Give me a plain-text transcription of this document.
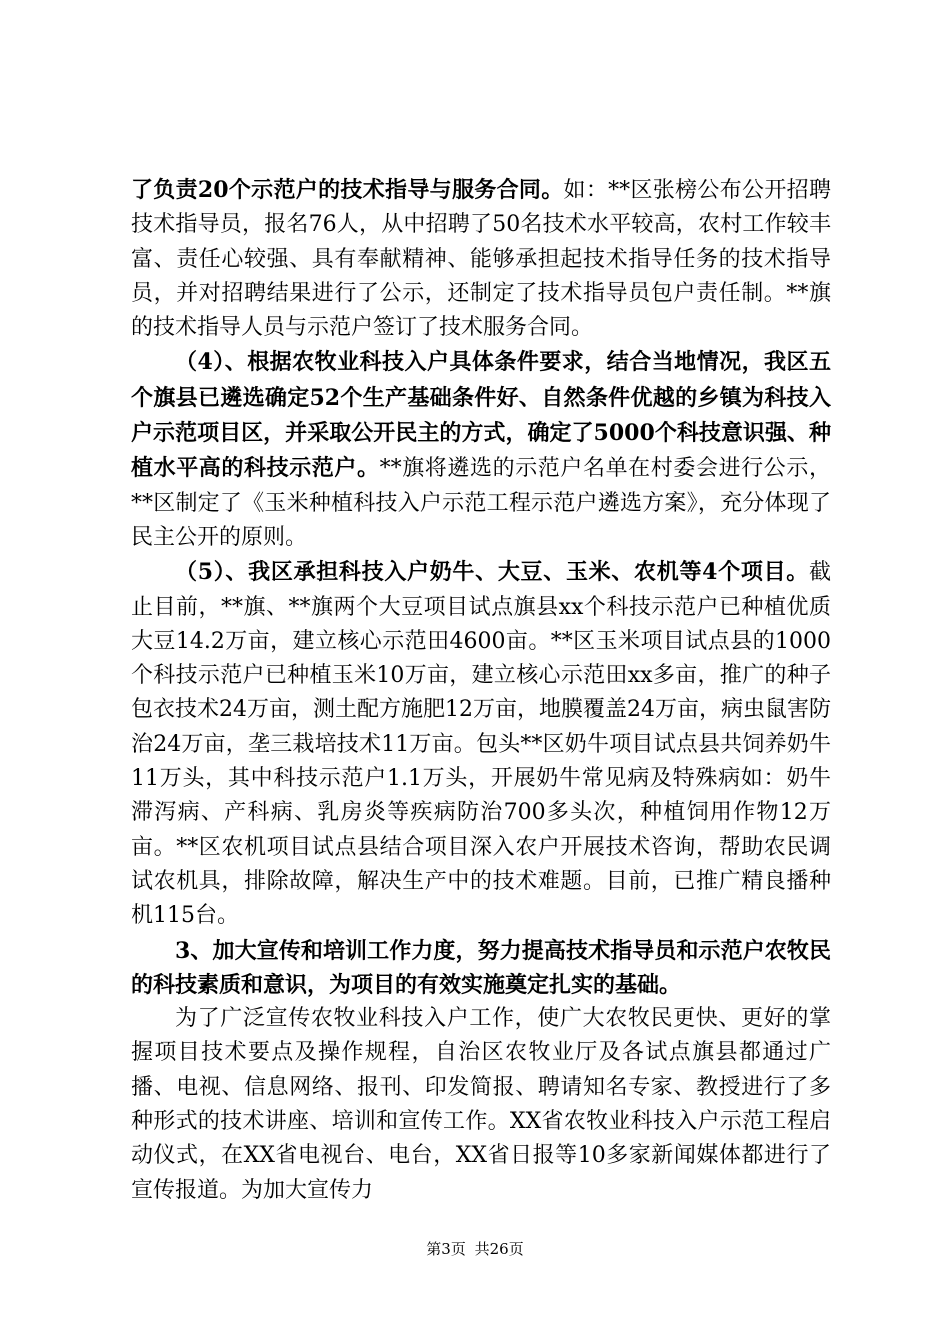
了负责20个示范户的技术指导与服务合同。如：**区张榜公布公开招聘技术指导员，报名76人，从中招聘了50名技术水平较高，农村工作较丰富、责任心较强、具有奉献精神、能够承担起技术指导任务的技术指导员，并对招聘结果进行了公示，还制定了技术指导员包户责任制。**旗的技术指导人员与示范户签订了技术服务合同。

（4）、根据农牧业科技入户具体条件要求，结合当地情况，我区五个旗县已遴选确定52个生产基础条件好、自然条件优越的乡镇为科技入户示范项目区，并采取公开民主的方式，确定了5000个科技意识强、种植水平高的科技示范户。**旗将遴选的示范户名单在村委会进行公示，**区制定了《玉米种植科技入户示范工程示范户遴选方案》，充分体现了民主公开的原则。

（5）、我区承担科技入户奶牛、大豆、玉米、农机等4个项目。截止目前，**旗、**旗两个大豆项目试点旗县xx个科技示范户已种植优质大豆14.2万亩，建立核心示范田4600亩。**区玉米项目试点县的1000个科技示范户已种植玉米10万亩，建立核心示范田xx多亩，推广的种子包衣技术24万亩，测土配方施肥12万亩，地膜覆盖24万亩，病虫鼠害防治24万亩，垄三栽培技术11万亩。包头**区奶牛项目试点县共饲养奶牛11万头，其中科技示范户1.1万头，开展奶牛常见病及特殊病如：奶牛滞泻病、产科病、乳房炎等疾病防治700多头次，种植饲用作物12万亩。**区农机项目试点县结合项目深入农户开展技术咨询，帮助农民调试农机具，排除故障，解决生产中的技术难题。目前，已推广精良播种机115台。

3、加大宣传和培训工作力度，努力提高技术指导员和示范户农牧民的科技素质和意识，为项目的有效实施奠定扎实的基础。

为了广泛宣传农牧业科技入户工作，使广大农牧民更快、更好的掌握项目技术要点及操作规程，自治区农牧业厅及各试点旗县都通过广播、电视、信息网络、报刊、印发简报、聘请知名专家、教授进行了多种形式的技术讲座、培训和宣传工作。XX省农牧业科技入户示范工程启动仪式，在XX省电视台、电台，XX省日报等10多家新闻媒体都进行了宣传报道。为加大宣传力

第3页 共26页
